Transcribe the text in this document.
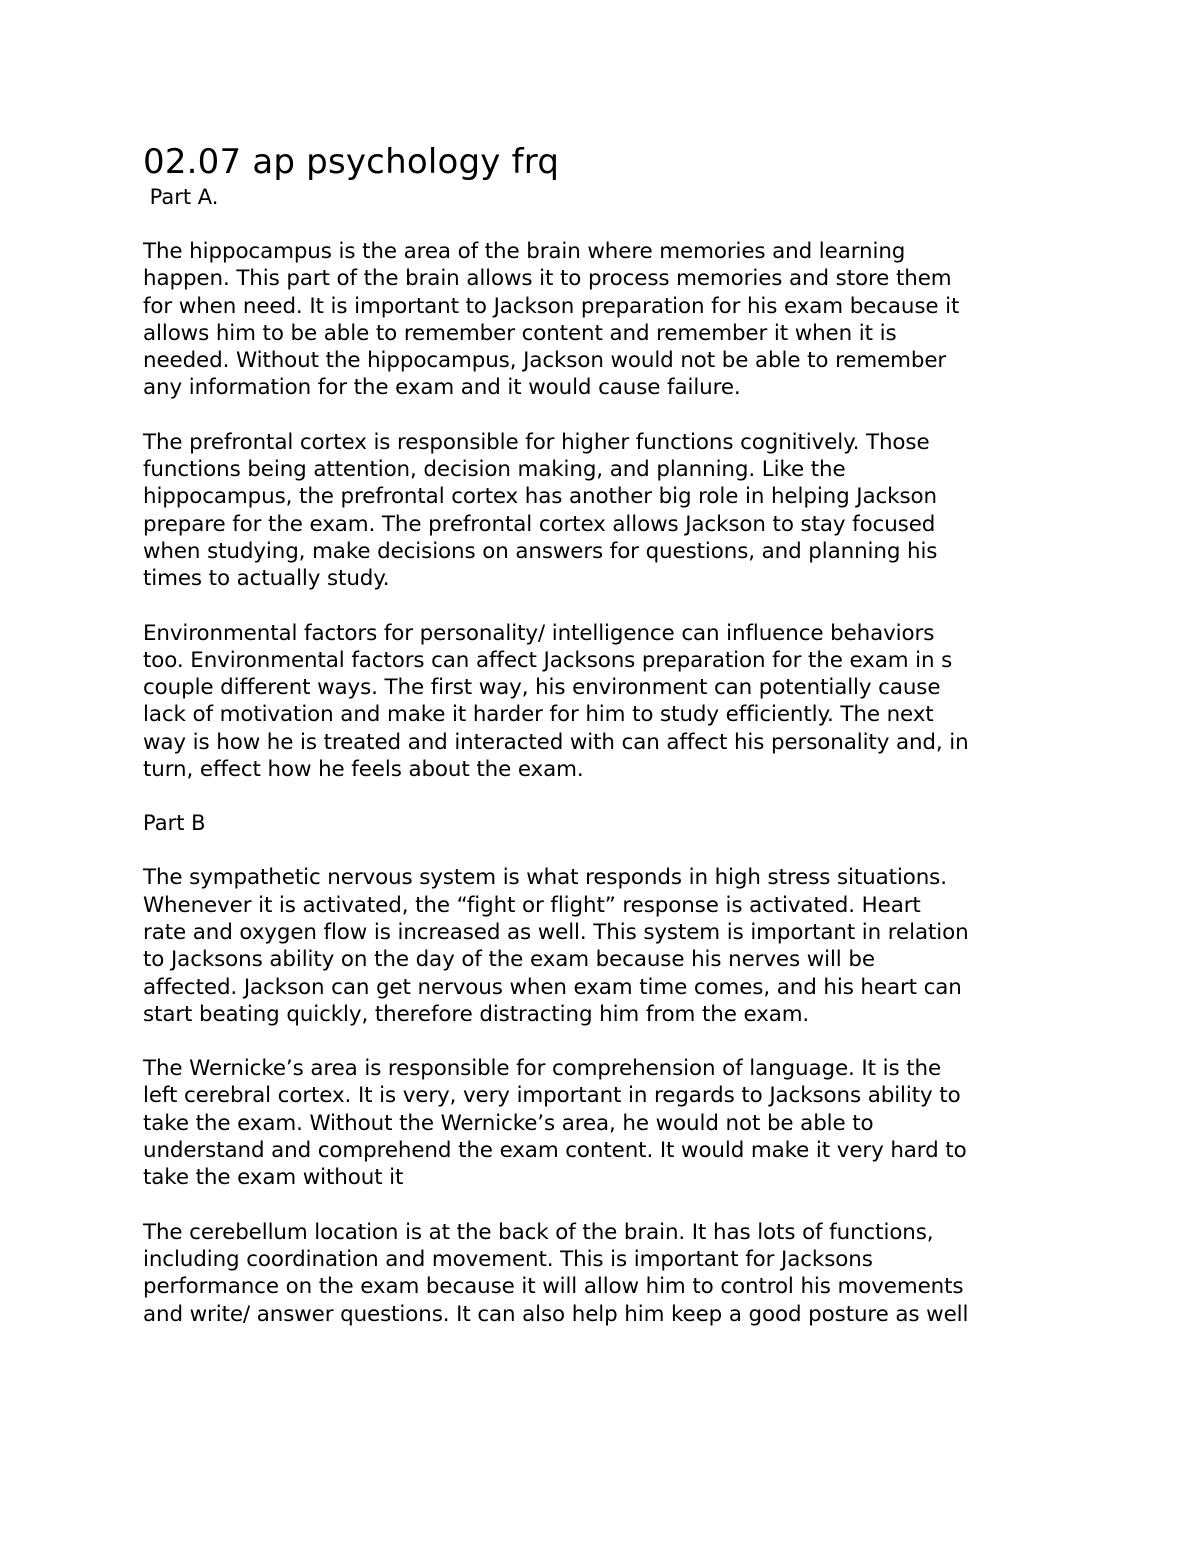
02.07 ap psychology frq

Part A.

The hippocampus is the area of the brain where memories and learning
happen. This part of the brain allows it to process memories and store them
for when need. It is important to Jackson preparation for his exam because it
allows him to be able to remember content and remember it when it is
needed. Without the hippocampus, Jackson would not be able to remember
any information for the exam and it would cause failure.

The prefrontal cortex is responsible for higher functions cognitively. Those
functions being attention, decision making, and planning. Like the
hippocampus, the prefrontal cortex has another big role in helping Jackson
prepare for the exam. The prefrontal cortex allows Jackson to stay focused
when studying, make decisions on answers for questions, and planning his
times to actually study.

Environmental factors for personality/ intelligence can influence behaviors
too. Environmental factors can affect Jacksons preparation for the exam in s
couple different ways. The first way, his environment can potentially cause
lack of motivation and make it harder for him to study efficiently. The next
way is how he is treated and interacted with can affect his personality and, in
turn, effect how he feels about the exam.

Part B

The sympathetic nervous system is what responds in high stress situations.
Whenever it is activated, the “fight or flight” response is activated. Heart
rate and oxygen flow is increased as well. This system is important in relation
to Jacksons ability on the day of the exam because his nerves will be
affected. Jackson can get nervous when exam time comes, and his heart can
start beating quickly, therefore distracting him from the exam.

The Wernicke’s area is responsible for comprehension of language. It is the
left cerebral cortex. It is very, very important in regards to Jacksons ability to
take the exam. Without the Wernicke’s area, he would not be able to
understand and comprehend the exam content. It would make it very hard to
take the exam without it

The cerebellum location is at the back of the brain. It has lots of functions,
including coordination and movement. This is important for Jacksons
performance on the exam because it will allow him to control his movements
and write/ answer questions. It can also help him keep a good posture as well
